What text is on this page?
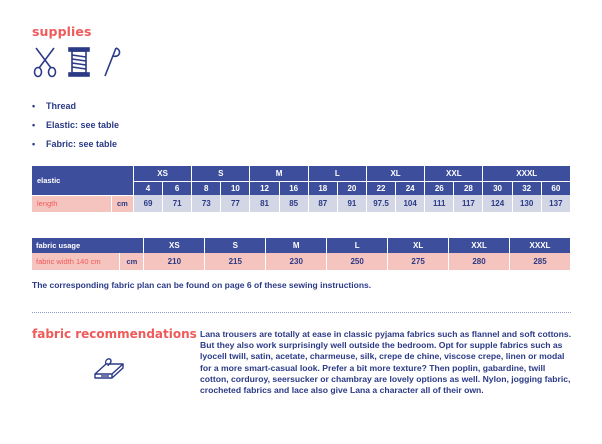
supplies
•	Thread
•	Elastic: see table
•	Fabric: see table
elastic		XS		S		M		L		XL		XXL		XXXL		
		4	6	8	10	12	16	18	20	22	24	26	28	30	32	60
length	cm	69	71	73	77	81	85	87	91	97.5	104	111	117	124	130	137
fabric usage		XS	S	M	L	XL	XXL	XXXL
fabric width 140 cm	cm	210	215	230	250	275	280	285
The corresponding fabric plan can be found on page 6 of these sewing instructions.
fabric recommendations Lana trousers are totally at ease in classic pyjama fabrics such as flannel and soft cottons. But they also work surprisingly well outside the bedroom. Opt for supple fabrics such as lyocell twill, satin, acetate, charmeuse, silk, crepe de chine, viscose crepe, linen or modal for a more smart-casual look. Prefer a bit more texture? Then poplin, gabardine, twill cotton, corduroy, seersucker or chambray are lovely options as well. Nylon, jogging fabric, crocheted fabrics and lace also give Lana a character all of their own.
